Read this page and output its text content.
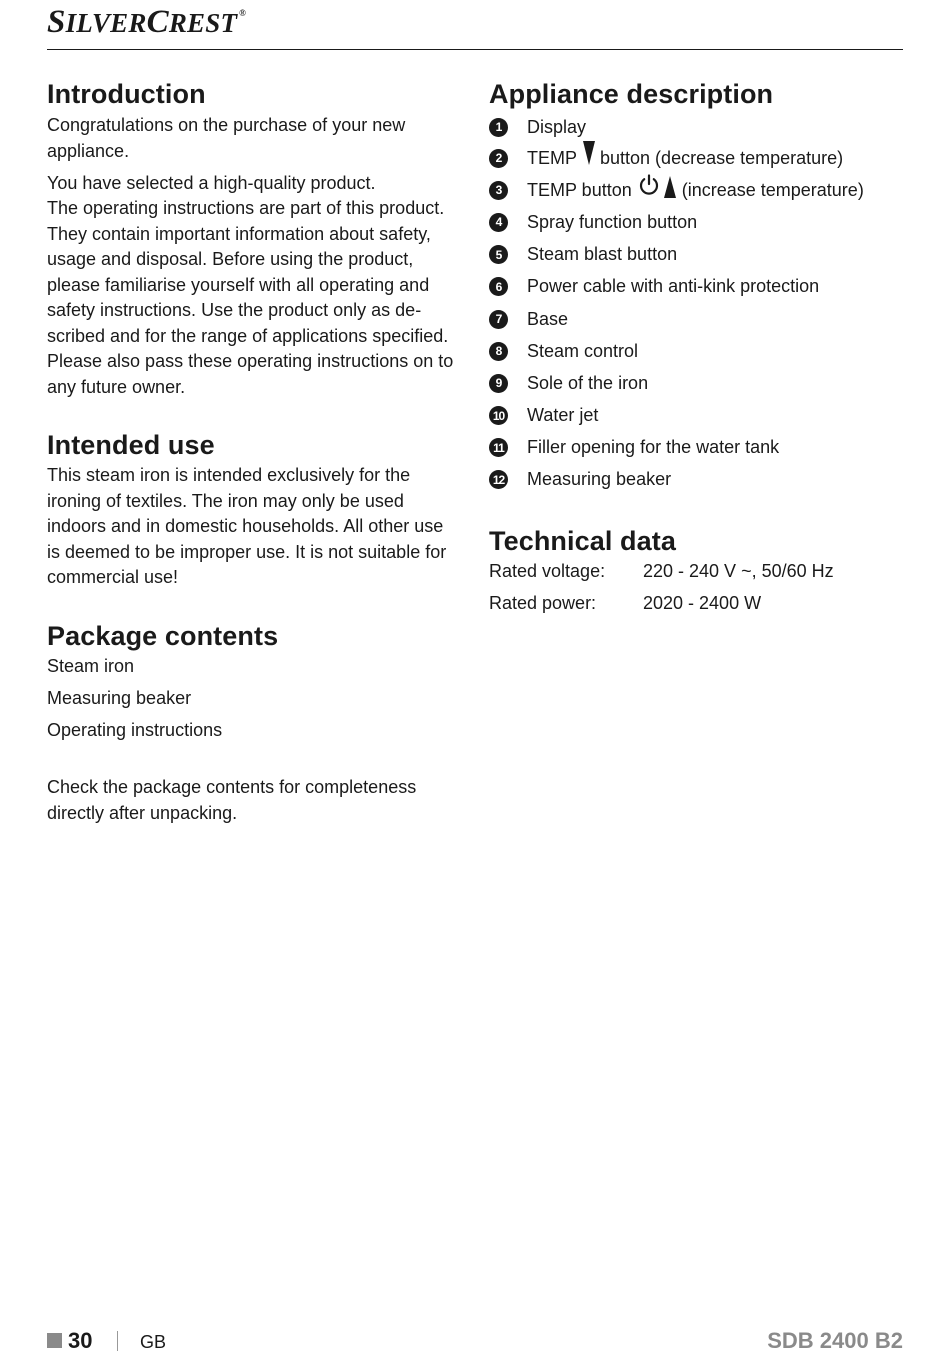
SILVERCREST ®
Introduction

Congratulations on the purchase of your new
appliance.

You have selected a high-quality product.
The operating instructions are part of this product.
They contain important information about safety,
usage and disposal. Before using the product,
please familiarise yourself with all operating and
safety instructions. Use the product only as de-
scribed and for the range of applications specified.
Please also pass these operating instructions on to
any future owner.

Intended use

This steam iron is intended exclusively for the
ironing of textiles. The iron may only be used
indoors and in domestic households. All other use
is deemed to be improper use. It is not suitable for
commercial use!

Package contents
Steam iron
Measuring beaker
Operating instructions

Check the package contents for completeness
directly after unpacking.

Appliance description
1	Display
2	TEMP button (decrease temperature)
3	TEMP button	(increase temperature)
4	Spray function button
5	Steam blast button
6	Power cable with anti-kink protection
7	Base
8	Steam control
9	Sole of the iron
10 Water jet
11 Filler opening for the water tank
12 Measuring beaker
Technical data
Rated voltage:	220 - 240 V ~, 50/60 Hz
Rated power:	2020 - 2400 W
30	GB	SDB 2400 B2
